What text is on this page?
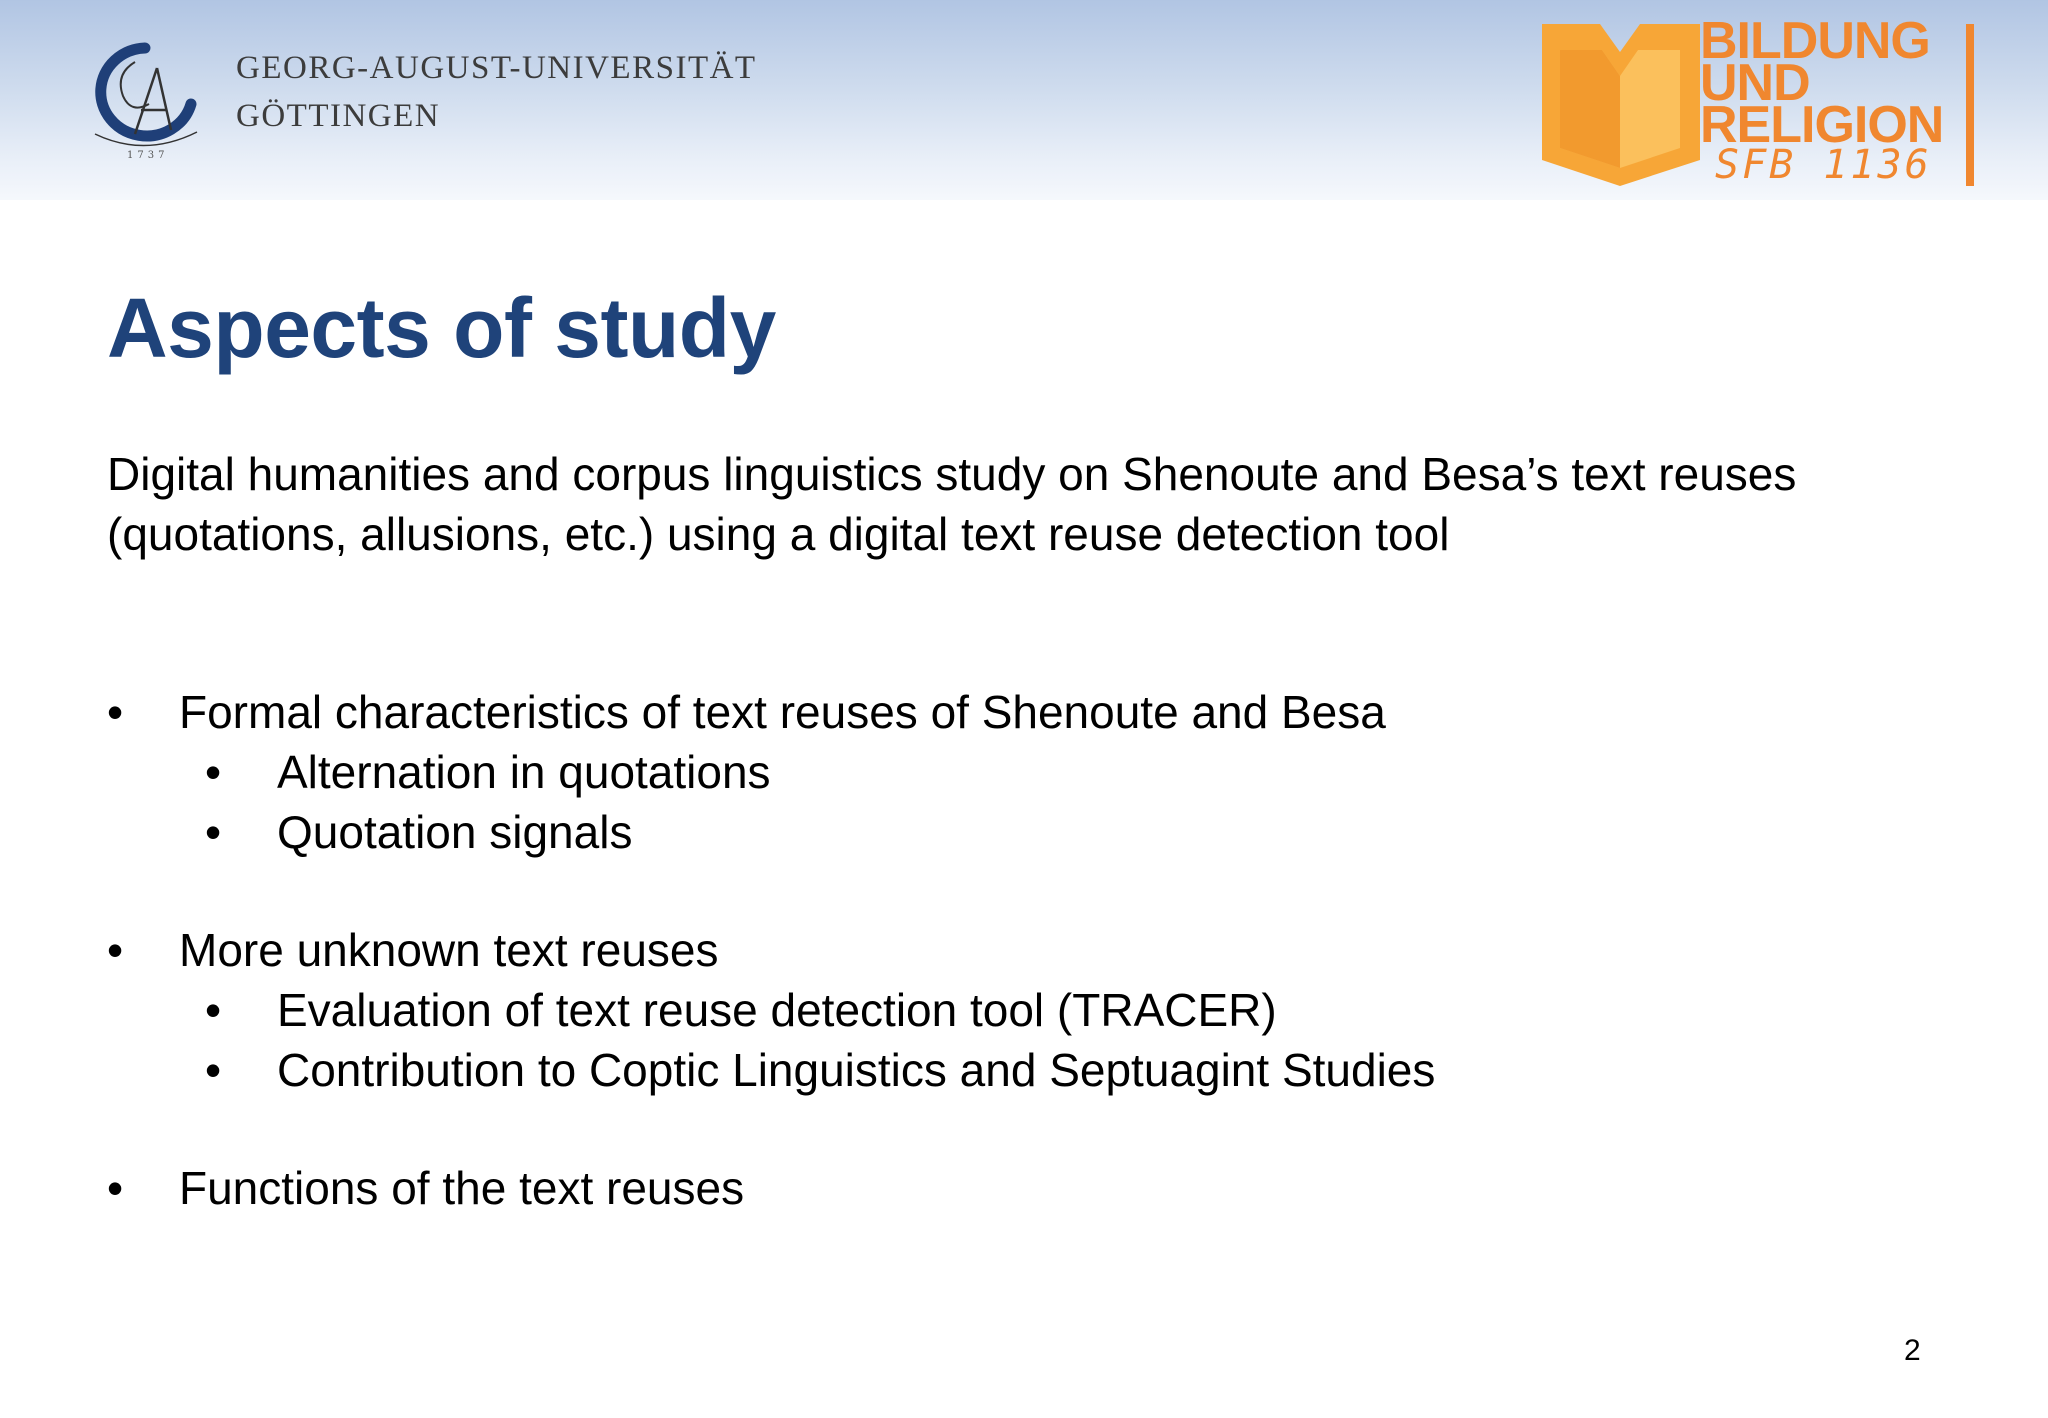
1737
GEORG-AUGUST-UNIVERSITÄT
GÖTTINGEN
BILDUNG
UND
RELIGION
SFB 1136
Aspects of study

Digital humanities and corpus linguistics study on Shenoute and Besa’s text reuses
(quotations, allusions, etc.) using a digital text reuse detection tool

• Formal characteristics of text reuses of Shenoute and Besa
• Alternation in quotations
• Quotation signals
• More unknown text reuses
• Evaluation of text reuse detection tool (TRACER)
• Contribution to Coptic Linguistics and Septuagint Studies
• Functions of the text reuses
2
